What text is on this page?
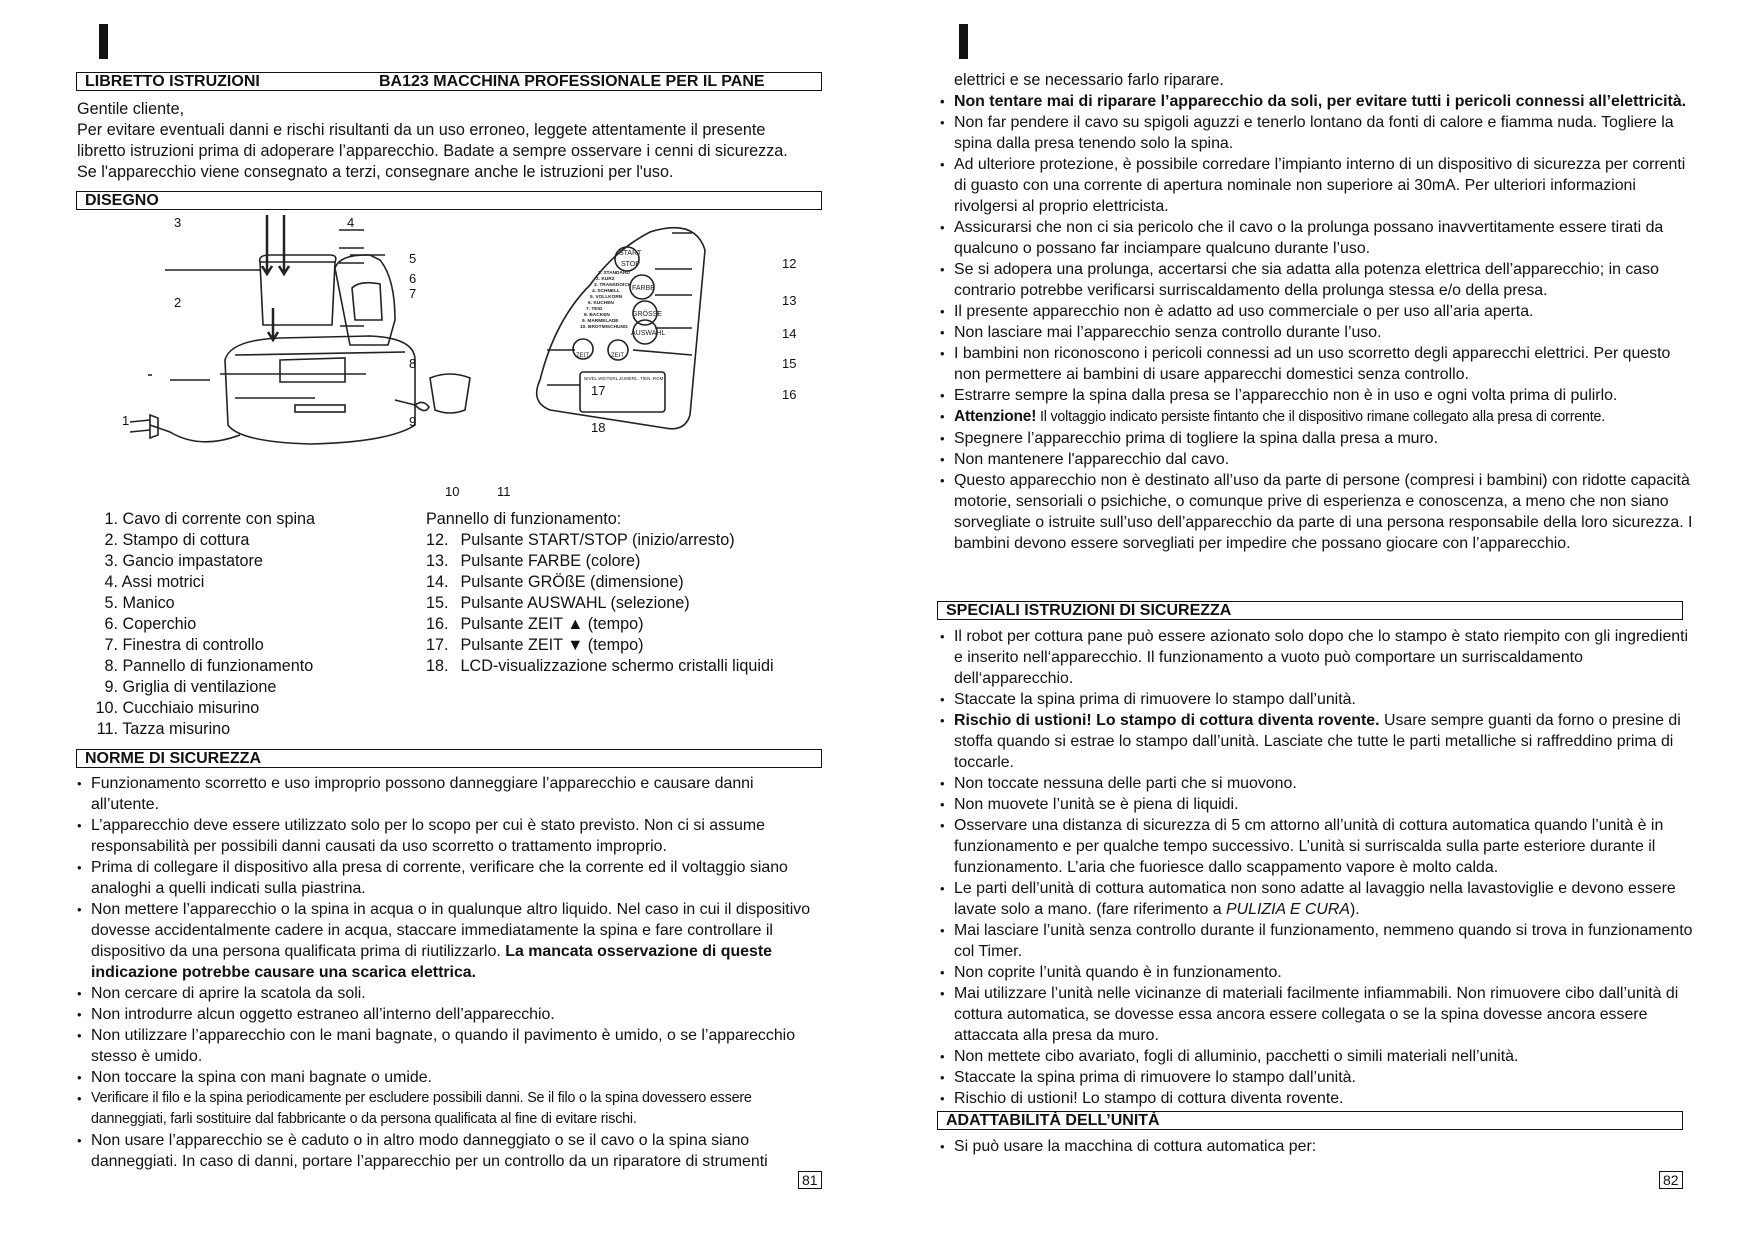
LIBRETTO ISTRUZIONI	BA123 MACCHINA PROFESSIONALE PER IL PANE

Gentile cliente,

Per evitare eventuali danni e rischi risultanti da un uso erroneo, leggete attentamente il presente

libretto istruzioni prima di adoperare l’apparecchio. Badate a sempre osservare i cenni di sicurezza.

Se l'apparecchio viene consegnato a terzi, consegnare anche le istruzioni per l'uso.

DISEGNO
START
STOP
FARBE
GRÖSSE
AUSWAHL
ZEIT	ZEIT
NIVEL WEITERL ZUMERL. TIEN. ROM
1. STANDARD
2. KURZ
3. TRANSDOICH
4. SCHNELL
5. VOLLKORN
6. KUCHEN
7. TEIG
8. BACKEN
9. MARMELADE
10. BROTMISCHUNG
1
2
3	4
5
6
7
8
9
10	11
12
13
14
15
16
17
18
1. Cavo di corrente con spina
2. Stampo di cottura
3. Gancio impastatore
4. Assi motrici
5. Manico
6. Coperchio
7. Finestra di controllo
8. Pannello di funzionamento
9. Griglia di ventilazione
10. Cucchiaio misurino
11. Tazza misurino
Pannello di funzionamento:
12. Pulsante START/STOP (inizio/arresto)
13. Pulsante FARBE (colore)
14. Pulsante GRÖßE (dimensione)
15. Pulsante AUSWAHL (selezione)
16. Pulsante ZEIT ▲ (tempo)
17. Pulsante ZEIT ▼ (tempo)
18. LCD-visualizzazione schermo cristalli liquidi
NORME DI SICUREZZA
• Funzionamento scorretto e uso improprio possono danneggiare l’apparecchio e causare danni all’utente.
• L’apparecchio deve essere utilizzato solo per lo scopo per cui è stato previsto. Non ci si assume responsabilità per possibili danni causati da uso scorretto o trattamento improprio.
• Prima di collegare il dispositivo alla presa di corrente, verificare che la corrente ed il voltaggio siano analoghi a quelli indicati sulla piastrina.
• Non mettere l’apparecchio o la spina in acqua o in qualunque altro liquido. Nel caso in cui il dispositivo dovesse accidentalmente cadere in acqua, staccare immediatamente la spina e fare controllare il dispositivo da una persona qualificata prima di riutilizzarlo. La mancata osservazione di queste indicazione potrebbe causare una scarica elettrica.
• Non cercare di aprire la scatola da soli.
• Non introdurre alcun oggetto estraneo all’interno dell’apparecchio.
• Non utilizzare l’apparecchio con le mani bagnate, o quando il pavimento è umido, o se l’apparecchio stesso è umido.
• Non toccare la spina con mani bagnate o umide.
• Verificare il filo e la spina periodicamente per escludere possibili danni. Se il filo o la spina dovessero essere danneggiati, farli sostituire dal fabbricante o da persona qualificata al fine di evitare rischi.
• Non usare l’apparecchio se è caduto o in altro modo danneggiato o se il cavo o la spina siano danneggiati. In caso di danni, portare l’apparecchio per un controllo da un riparatore di strumenti
81
elettrici e se necessario farlo riparare.
• Non tentare mai di riparare l’apparecchio da soli, per evitare tutti i pericoli connessi all’elettricità.
• Non far pendere il cavo su spigoli aguzzi e tenerlo lontano da fonti di calore e fiamma nuda. Togliere la spina dalla presa tenendo solo la spina.
• Ad ulteriore protezione, è possibile corredare l’impianto interno di un dispositivo di sicurezza per correnti di guasto con una corrente di apertura nominale non superiore ai 30mA. Per ulteriori informazioni rivolgersi al proprio elettricista.
• Assicurarsi che non ci sia pericolo che il cavo o la prolunga possano inavvertitamente essere tirati da qualcuno o possano far inciampare qualcuno durante l’uso.
• Se si adopera una prolunga, accertarsi che sia adatta alla potenza elettrica dell’apparecchio; in caso contrario potrebbe verificarsi surriscaldamento della prolunga stessa e/o della presa.
• Il presente apparecchio non è adatto ad uso commerciale o per uso all’aria aperta.
• Non lasciare mai l’apparecchio senza controllo durante l’uso.
• I bambini non riconoscono i pericoli connessi ad un uso scorretto degli apparecchi elettrici. Per questo non permettere ai bambini di usare apparecchi domestici senza controllo.
• Estrarre sempre la spina dalla presa se l’apparecchio non è in uso e ogni volta prima di pulirlo.
• Attenzione! Il voltaggio indicato persiste fintanto che il dispositivo rimane collegato alla presa di corrente.
• Spegnere l’apparecchio prima di togliere la spina dalla presa a muro.
• Non mantenere l'apparecchio dal cavo.
• Questo apparecchio non è destinato all’uso da parte di persone (compresi i bambini) con ridotte capacità motorie, sensoriali o psichiche, o comunque prive di esperienza e conoscenza, a meno che non siano sorvegliate o istruite sull’uso dell’apparecchio da parte di una persona responsabile della loro sicurezza. I bambini devono essere sorvegliati per impedire che possano giocare con l’apparecchio.
SPECIALI ISTRUZIONI DI SICUREZZA
• Il robot per cottura pane può essere azionato solo dopo che lo stampo è stato riempito con gli ingredienti e inserito nell‘apparecchio. Il funzionamento a vuoto può comportare un surriscaldamento dell‘apparecchio.
• Staccate la spina prima di rimuovere lo stampo dall’unità.
• Rischio di ustioni! Lo stampo di cottura diventa rovente. Usare sempre guanti da forno o presine di stoffa quando si estrae lo stampo dall’unità. Lasciate che tutte le parti metalliche si raffreddino prima di toccarle.
• Non toccate nessuna delle parti che si muovono.
• Non muovete l’unità se è piena di liquidi.
• Osservare una distanza di sicurezza di 5 cm attorno all’unità di cottura automatica quando l’unità è in funzionamento e per qualche tempo successivo. L’unità si surriscalda sulla parte esteriore durante il funzionamento. L’aria che fuoriesce dallo scappamento vapore è molto calda.
• Le parti dell’unità di cottura automatica non sono adatte al lavaggio nella lavastoviglie e devono essere lavate solo a mano. (fare riferimento a PULIZIA E CURA).
• Mai lasciare l’unità senza controllo durante il funzionamento, nemmeno quando si trova in funzionamento col Timer.
• Non coprite l’unità quando è in funzionamento.
• Mai utilizzare l’unità nelle vicinanze di materiali facilmente infiammabili. Non rimuovere cibo dall’unità di cottura automatica, se dovesse essa ancora essere collegata o se la spina dovesse ancora essere attaccata alla presa da muro.
• Non mettete cibo avariato, fogli di alluminio, pacchetti o simili materiali nell’unità.
• Staccate la spina prima di rimuovere lo stampo dall’unità.
• Rischio di ustioni! Lo stampo di cottura diventa rovente.
ADATTABILITÀ DELL’UNITÀ
• Si può usare la macchina di cottura automatica per:
82
